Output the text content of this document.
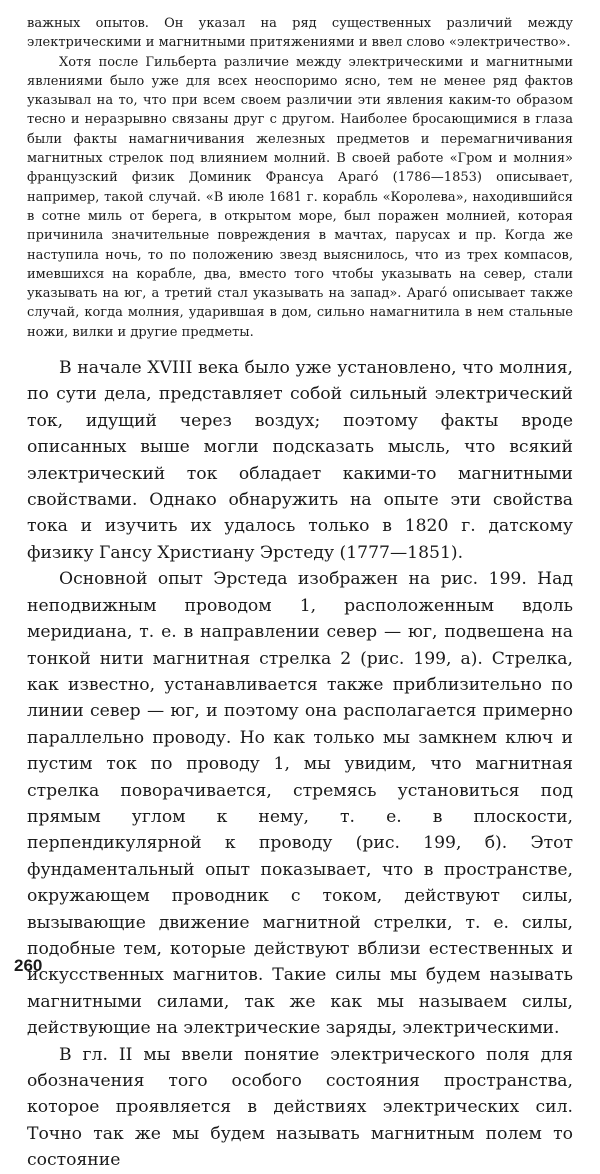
важных опытов. Он указал на ряд существенных различий между электрическими и магнитными притяжениями и ввел слово «электричество».

Хотя после Гильберта различие между электрическими и магнитными явлениями было уже для всех неоспоримо ясно, тем не менее ряд фактов указывал на то, что при всем своем различии эти явления каким-то образом тесно и неразрывно связаны друг с другом. Наиболее бросающимися в глаза были факты намагничивания железных предметов и перемагничивания магнитных стрелок под влиянием молний. В своей работе «Гром и молния» французский физик Доминик Франсуа Араго́ (1786—1853) описывает, например, такой случай. «В июле 1681 г. корабль «Королева», находившийся в сотне миль от берега, в открытом море, был поражен молнией, которая причинила значительные повреждения в мачтах, парусах и пр. Когда же наступила ночь, то по положению звезд выяснилось, что из трех компасов, имевшихся на корабле, два, вместо того чтобы указывать на север, стали указывать на юг, а третий стал указывать на запад». Араго́ описывает также случай, когда молния, ударившая в дом, сильно намагнитила в нем стальные ножи, вилки и другие предметы.

В начале XVIII века было уже установлено, что молния, по сути дела, представляет собой сильный электрический ток, идущий через воздух; поэтому факты вроде описанных выше могли подсказать мысль, что всякий электрический ток обладает какими-то магнитными свойствами. Однако обнаружить на опыте эти свойства тока и изучить их удалось только в 1820 г. датскому физику Гансу Христиану Эрстеду (1777—1851).

Основной опыт Эрстеда изображен на рис. 199. Над неподвижным проводом 1, расположенным вдоль меридиана, т. е. в направлении север — юг, подвешена на тонкой нити магнитная стрелка 2 (рис. 199, а). Стрелка, как известно, устанавливается также приблизительно по линии север — юг, и поэтому она располагается примерно параллельно проводу. Но как только мы замкнем ключ и пустим ток по проводу 1, мы увидим, что магнитная стрелка поворачивается, стремясь установиться под прямым углом к нему, т. е. в плоскости, перпендикулярной к проводу (рис. 199, б). Этот фундаментальный опыт показывает, что в пространстве, окружающем проводник с током, действуют силы, вызывающие движение магнитной стрелки, т. е. силы, подобные тем, которые действуют вблизи естественных и искусственных магнитов. Такие силы мы будем называть магнитными силами, так же как мы называем силы, действующие на электрические заряды, электрическими.

В гл. II мы ввели понятие электрического поля для обозначения того особого состояния пространства, которое проявляется в действиях электрических сил. Точно так же мы будем называть магнитным полем то состояние

260
